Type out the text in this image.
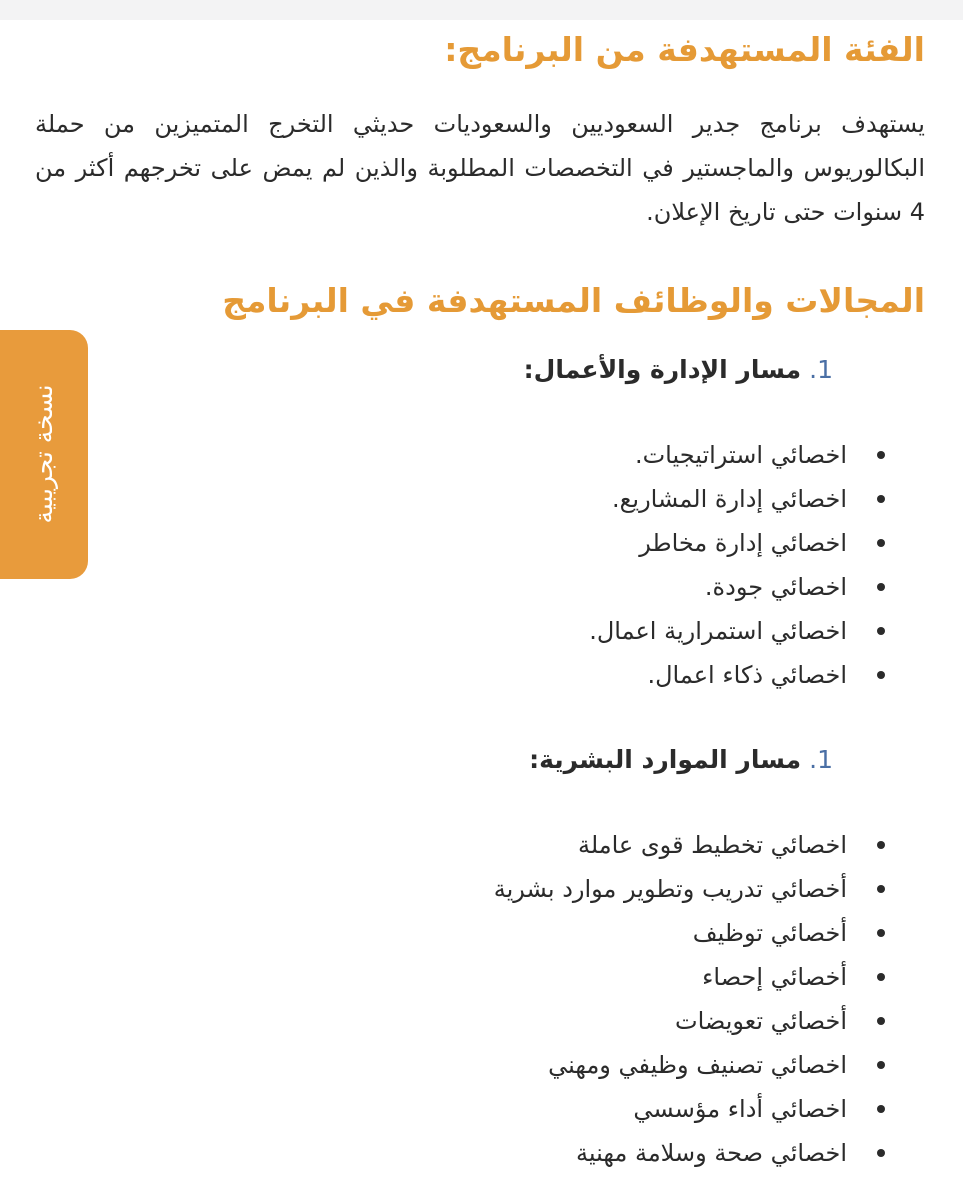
الفئة المستهدفة من البرنامج:

يستهدف برنامج جدير السعوديين والسعوديات حديثي التخرج المتميزين من حملة البكالوريوس والماجستير في التخصصات المطلوبة والذين لم يمض على تخرجهم أكثر من 4 سنوات حتى تاريخ الإعلان.

المجالات والوظائف المستهدفة في البرنامج
1.مسار الإدارة والأعمال:
اخصائي استراتيجيات.
اخصائي إدارة المشاريع.
اخصائي إدارة مخاطر
اخصائي جودة.
اخصائي استمرارية اعمال.
اخصائي ذكاء اعمال.
1.مسار الموارد البشرية:
اخصائي تخطيط قوى عاملة
أخصائي تدريب وتطوير موارد بشرية
أخصائي توظيف
أخصائي إحصاء
أخصائي تعويضات
اخصائي تصنيف وظيفي ومهني
اخصائي أداء مؤسسي
اخصائي صحة وسلامة مهنية
نسخة تجريبية
